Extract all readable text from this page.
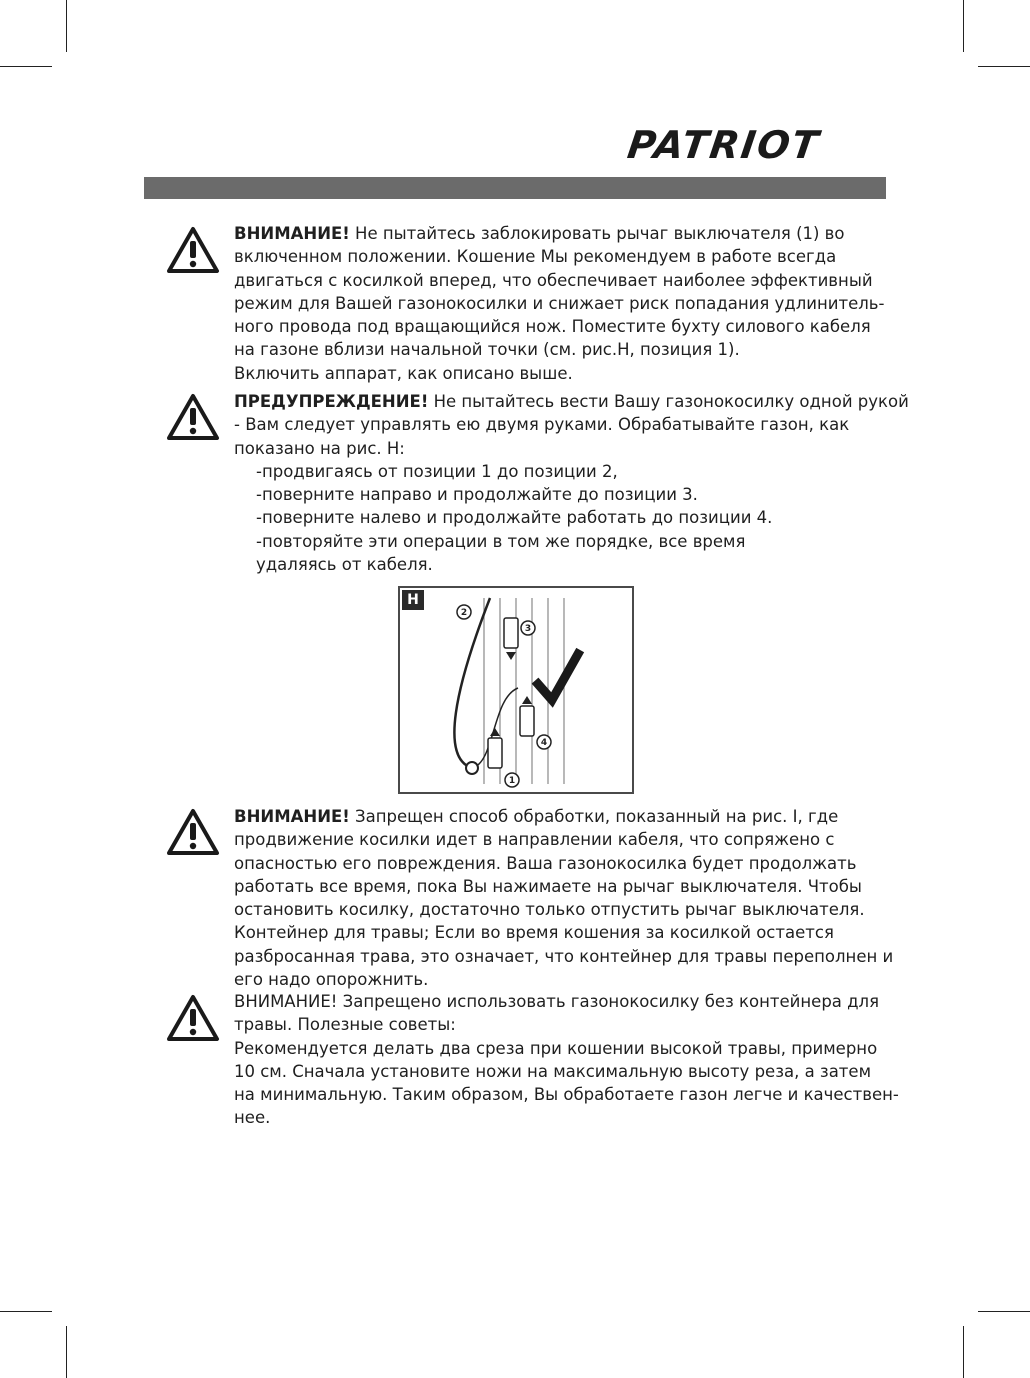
PATRIOT

ВНИМАНИЕ! Не пытайтесь заблокировать рычаг выключателя (1) во

включенном положении. Кошение Мы рекомендуем в работе всегда

двигаться с косилкой вперед, что обеспечивает наиболее эффективный

режим для Вашей газонокосилки и снижает риск попадания удлинитель-

ного провода под вращающийся нож. Поместите бухту силового кабеля

на газоне вблизи начальной точки (см. рис.H, позиция 1).

Включить аппарат, как описано выше.

ПРЕДУПРЕЖДЕНИЕ! Не пытайтесь вести Вашу газонокосилку одной рукой

- Вам следует управлять ею двумя руками. Обрабатывайте газон, как

показано на рис. H:

-продвигаясь от позиции 1 до позиции 2,

-поверните направо и продолжайте до позиции 3.

-поверните налево и продолжайте работать до позиции 4.

-повторяйте эти операции в том же порядке, все время

удаляясь от кабеля.

H
1
2
3
4

ВНИМАНИЕ! Запрещен способ обработки, показанный на рис. I, где

продвижение косилки идет в направлении кабеля, что сопряжено с

опасностью его повреждения. Ваша газонокосилка будет продолжать

работать все время, пока Вы нажимаете на рычаг выключателя. Чтобы

остановить косилку, достаточно только отпустить рычаг выключателя.

Контейнер для травы; Если во время кошения за косилкой остается

разбросанная трава, это означает, что контейнер для травы переполнен и

его надо опорожнить.

ВНИМАНИЕ! Запрещено использовать газонокосилку без контейнера для

травы. Полезные советы:

Рекомендуется делать два среза при кошении высокой травы, примерно

10 см. Сначала установите ножи на максимальную высоту реза, а затем

на минимальную. Таким образом, Вы обработаете газон легче и качествен-

нее.
